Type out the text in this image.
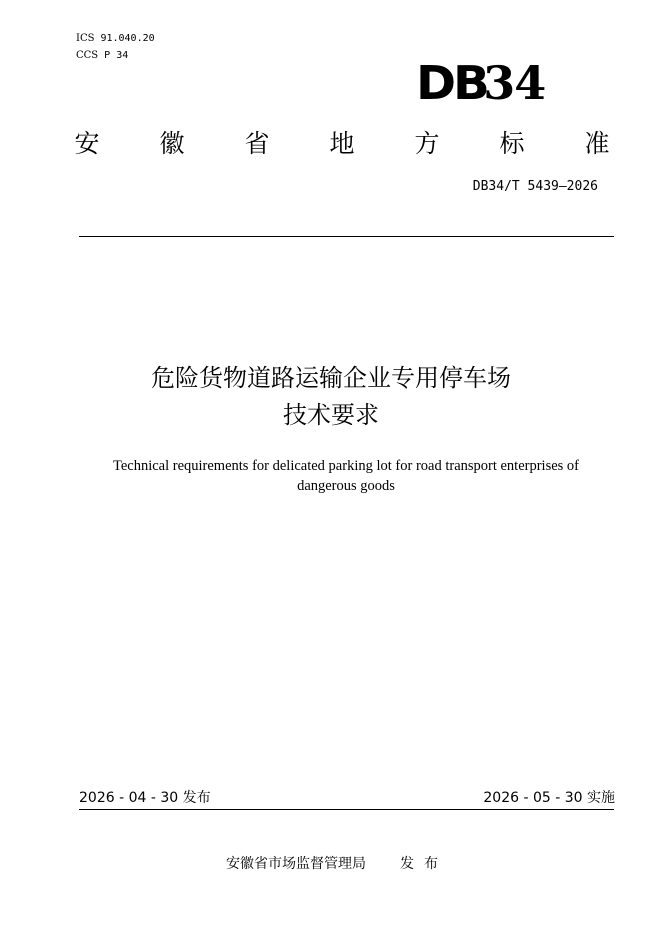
ICS 91.040.20
CCS P 34
DB34
安 徽 省 地 方 标 准
DB34/T 5439—2026
危险货物道路运输企业专用停车场
技术要求
Technical requirements for delicated parking lot for road transport enterprises of
dangerous goods
2026 - 04 - 30 发布	2026 - 05 - 30 实施
安徽省市场监督管理局 发布
